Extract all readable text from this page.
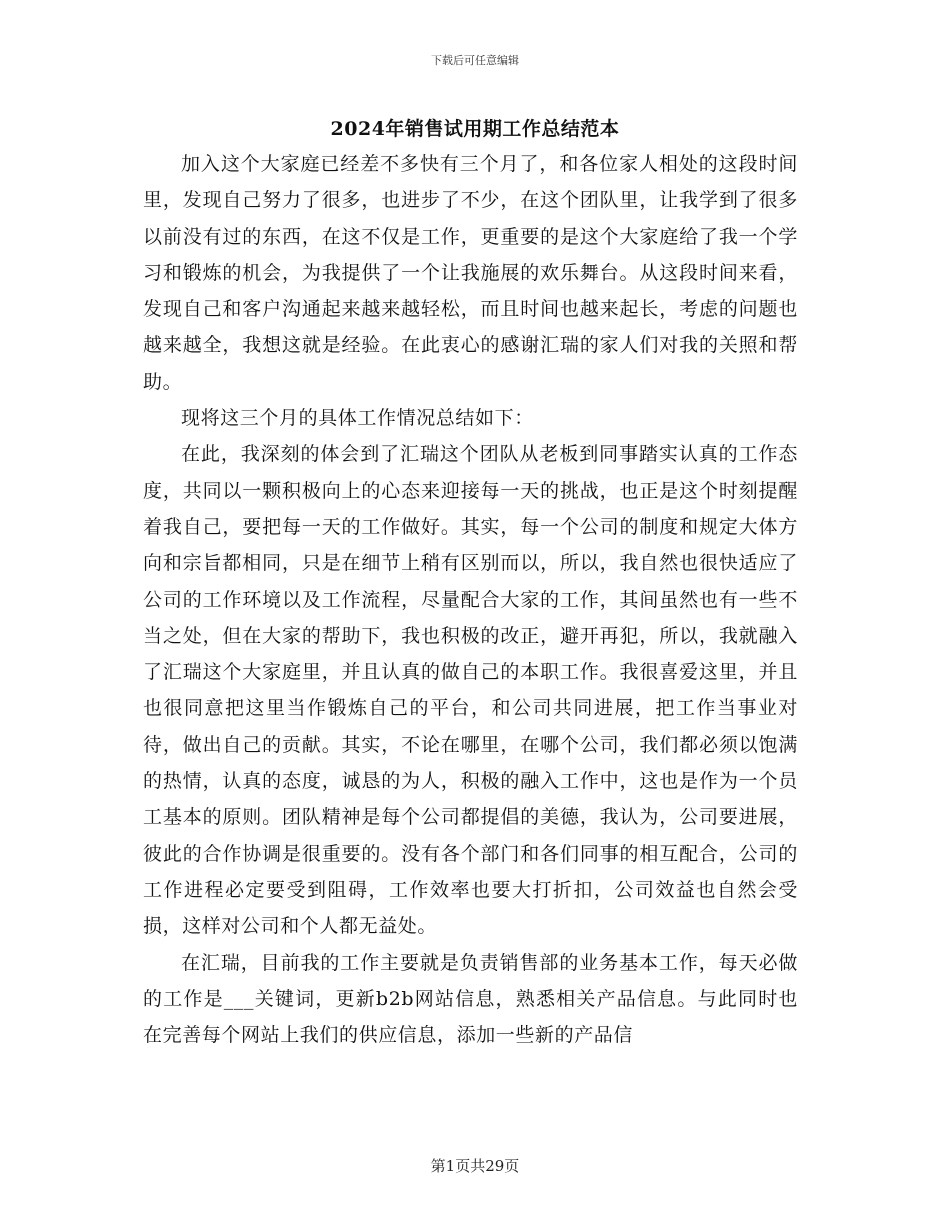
下载后可任意编辑
2024年销售试用期工作总结范本

加入这个大家庭已经差不多快有三个月了，和各位家人相处的这段时间里，发现自己努力了很多，也进步了不少，在这个团队里，让我学到了很多以前没有过的东西，在这不仅是工作，更重要的是这个大家庭给了我一个学习和锻炼的机会，为我提供了一个让我施展的欢乐舞台。从这段时间来看，发现自己和客户沟通起来越来越轻松，而且时间也越来起长，考虑的问题也越来越全，我想这就是经验。在此衷心的感谢汇瑞的家人们对我的关照和帮助。

现将这三个月的具体工作情况总结如下：

在此，我深刻的体会到了汇瑞这个团队从老板到同事踏实认真的工作态度，共同以一颗积极向上的心态来迎接每一天的挑战，也正是这个时刻提醒着我自己，要把每一天的工作做好。其实，每一个公司的制度和规定大体方向和宗旨都相同，只是在细节上稍有区别而以，所以，我自然也很快适应了公司的工作环境以及工作流程，尽量配合大家的工作，其间虽然也有一些不当之处，但在大家的帮助下，我也积极的改正，避开再犯，所以，我就融入了汇瑞这个大家庭里，并且认真的做自己的本职工作。我很喜爱这里，并且也很同意把这里当作锻炼自己的平台，和公司共同进展，把工作当事业对待，做出自己的贡献。其实，不论在哪里，在哪个公司，我们都必须以饱满的热情，认真的态度，诚恳的为人，积极的融入工作中，这也是作为一个员工基本的原则。团队精神是每个公司都提倡的美德，我认为，公司要进展，彼此的合作协调是很重要的。没有各个部门和各们同事的相互配合，公司的工作进程必定要受到阻碍，工作效率也要大打折扣，公司效益也自然会受损，这样对公司和个人都无益处。

在汇瑞，目前我的工作主要就是负责销售部的业务基本工作，每天必做的工作是___关键词，更新b2b网站信息，熟悉相关产品信息。与此同时也在完善每个网站上我们的供应信息，添加一些新的产品信

第1页共29页
